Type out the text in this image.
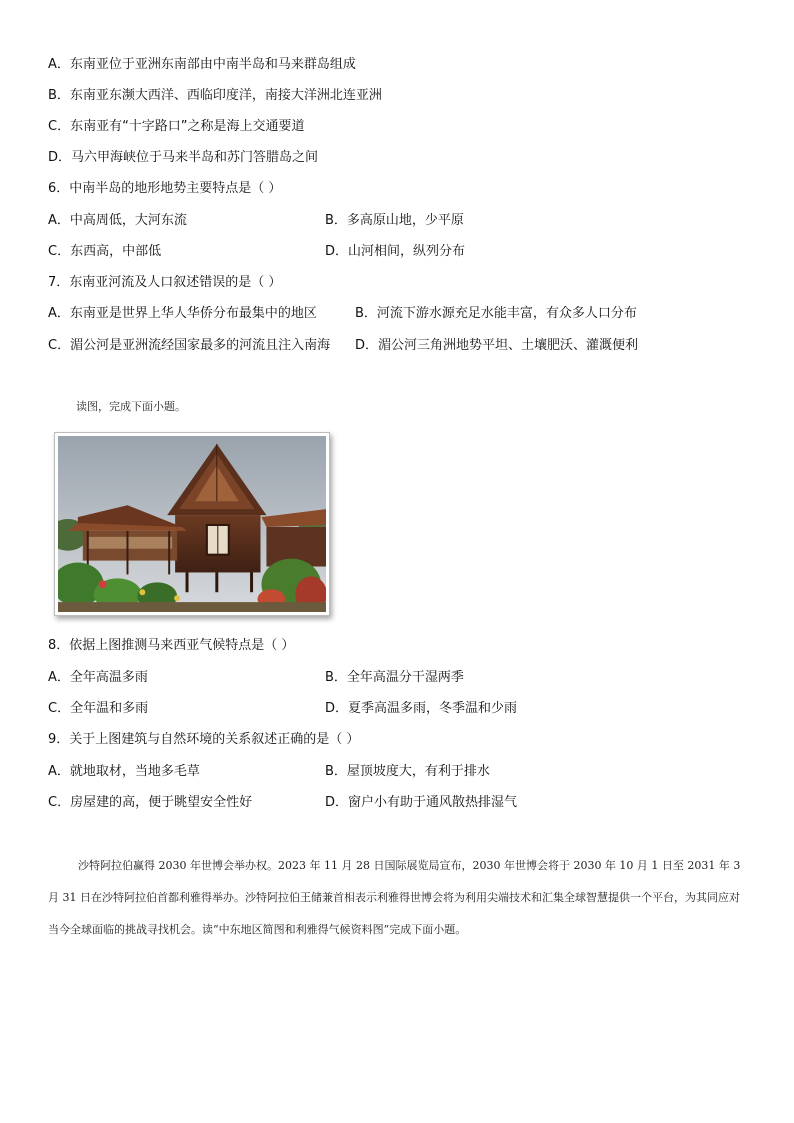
A．东南亚位于亚洲东南部由中南半岛和马来群岛组成
B．东南亚东濒大西洋、西临印度洋，南接大洋洲北连亚洲
C．东南亚有“十字路口”之称是海上交通要道
D．马六甲海峡位于马来半岛和苏门答腊岛之间
6．中南半岛的地形地势主要特点是（ ）
A．中高周低，大河东流	B．多高原山地，少平原
C．东西高，中部低	D．山河相间，纵列分布
7．东南亚河流及人口叙述错误的是（ ）
A．东南亚是世界上华人华侨分布最集中的地区	B．河流下游水源充足水能丰富，有众多人口分布
C．湄公河是亚洲流经国家最多的河流且注入南海 D．湄公河三角洲地势平坦、土壤肥沃、灌溉便利
读图，完成下面小题。
8．依据上图推测马来西亚气候特点是（ ）
A．全年高温多雨	B．全年高温分干湿两季
C．全年温和多雨	D．夏季高温多雨，冬季温和少雨
9．关于上图建筑与自然环境的关系叙述正确的是（ ）
A．就地取材，当地多毛草	B．屋顶坡度大，有利于排水
C．房屋建的高，便于眺望安全性好	D．窗户小有助于通风散热排湿气
沙特阿拉伯赢得 2030 年世博会举办权。2023 年 11 月 28 日国际展览局宣布，2030 年世博会将于 2030 年 10 月 1 日至 2031 年 3 月 31 日在沙特阿拉伯首都利雅得举办。沙特阿拉伯王储兼首相表示利雅得世博会将为利用尖端技术和汇集全球智慧提供一个平台，为其同应对当今全球面临的挑战寻找机会。读“中东地区简图和利雅得气候资料图”完成下面小题。
